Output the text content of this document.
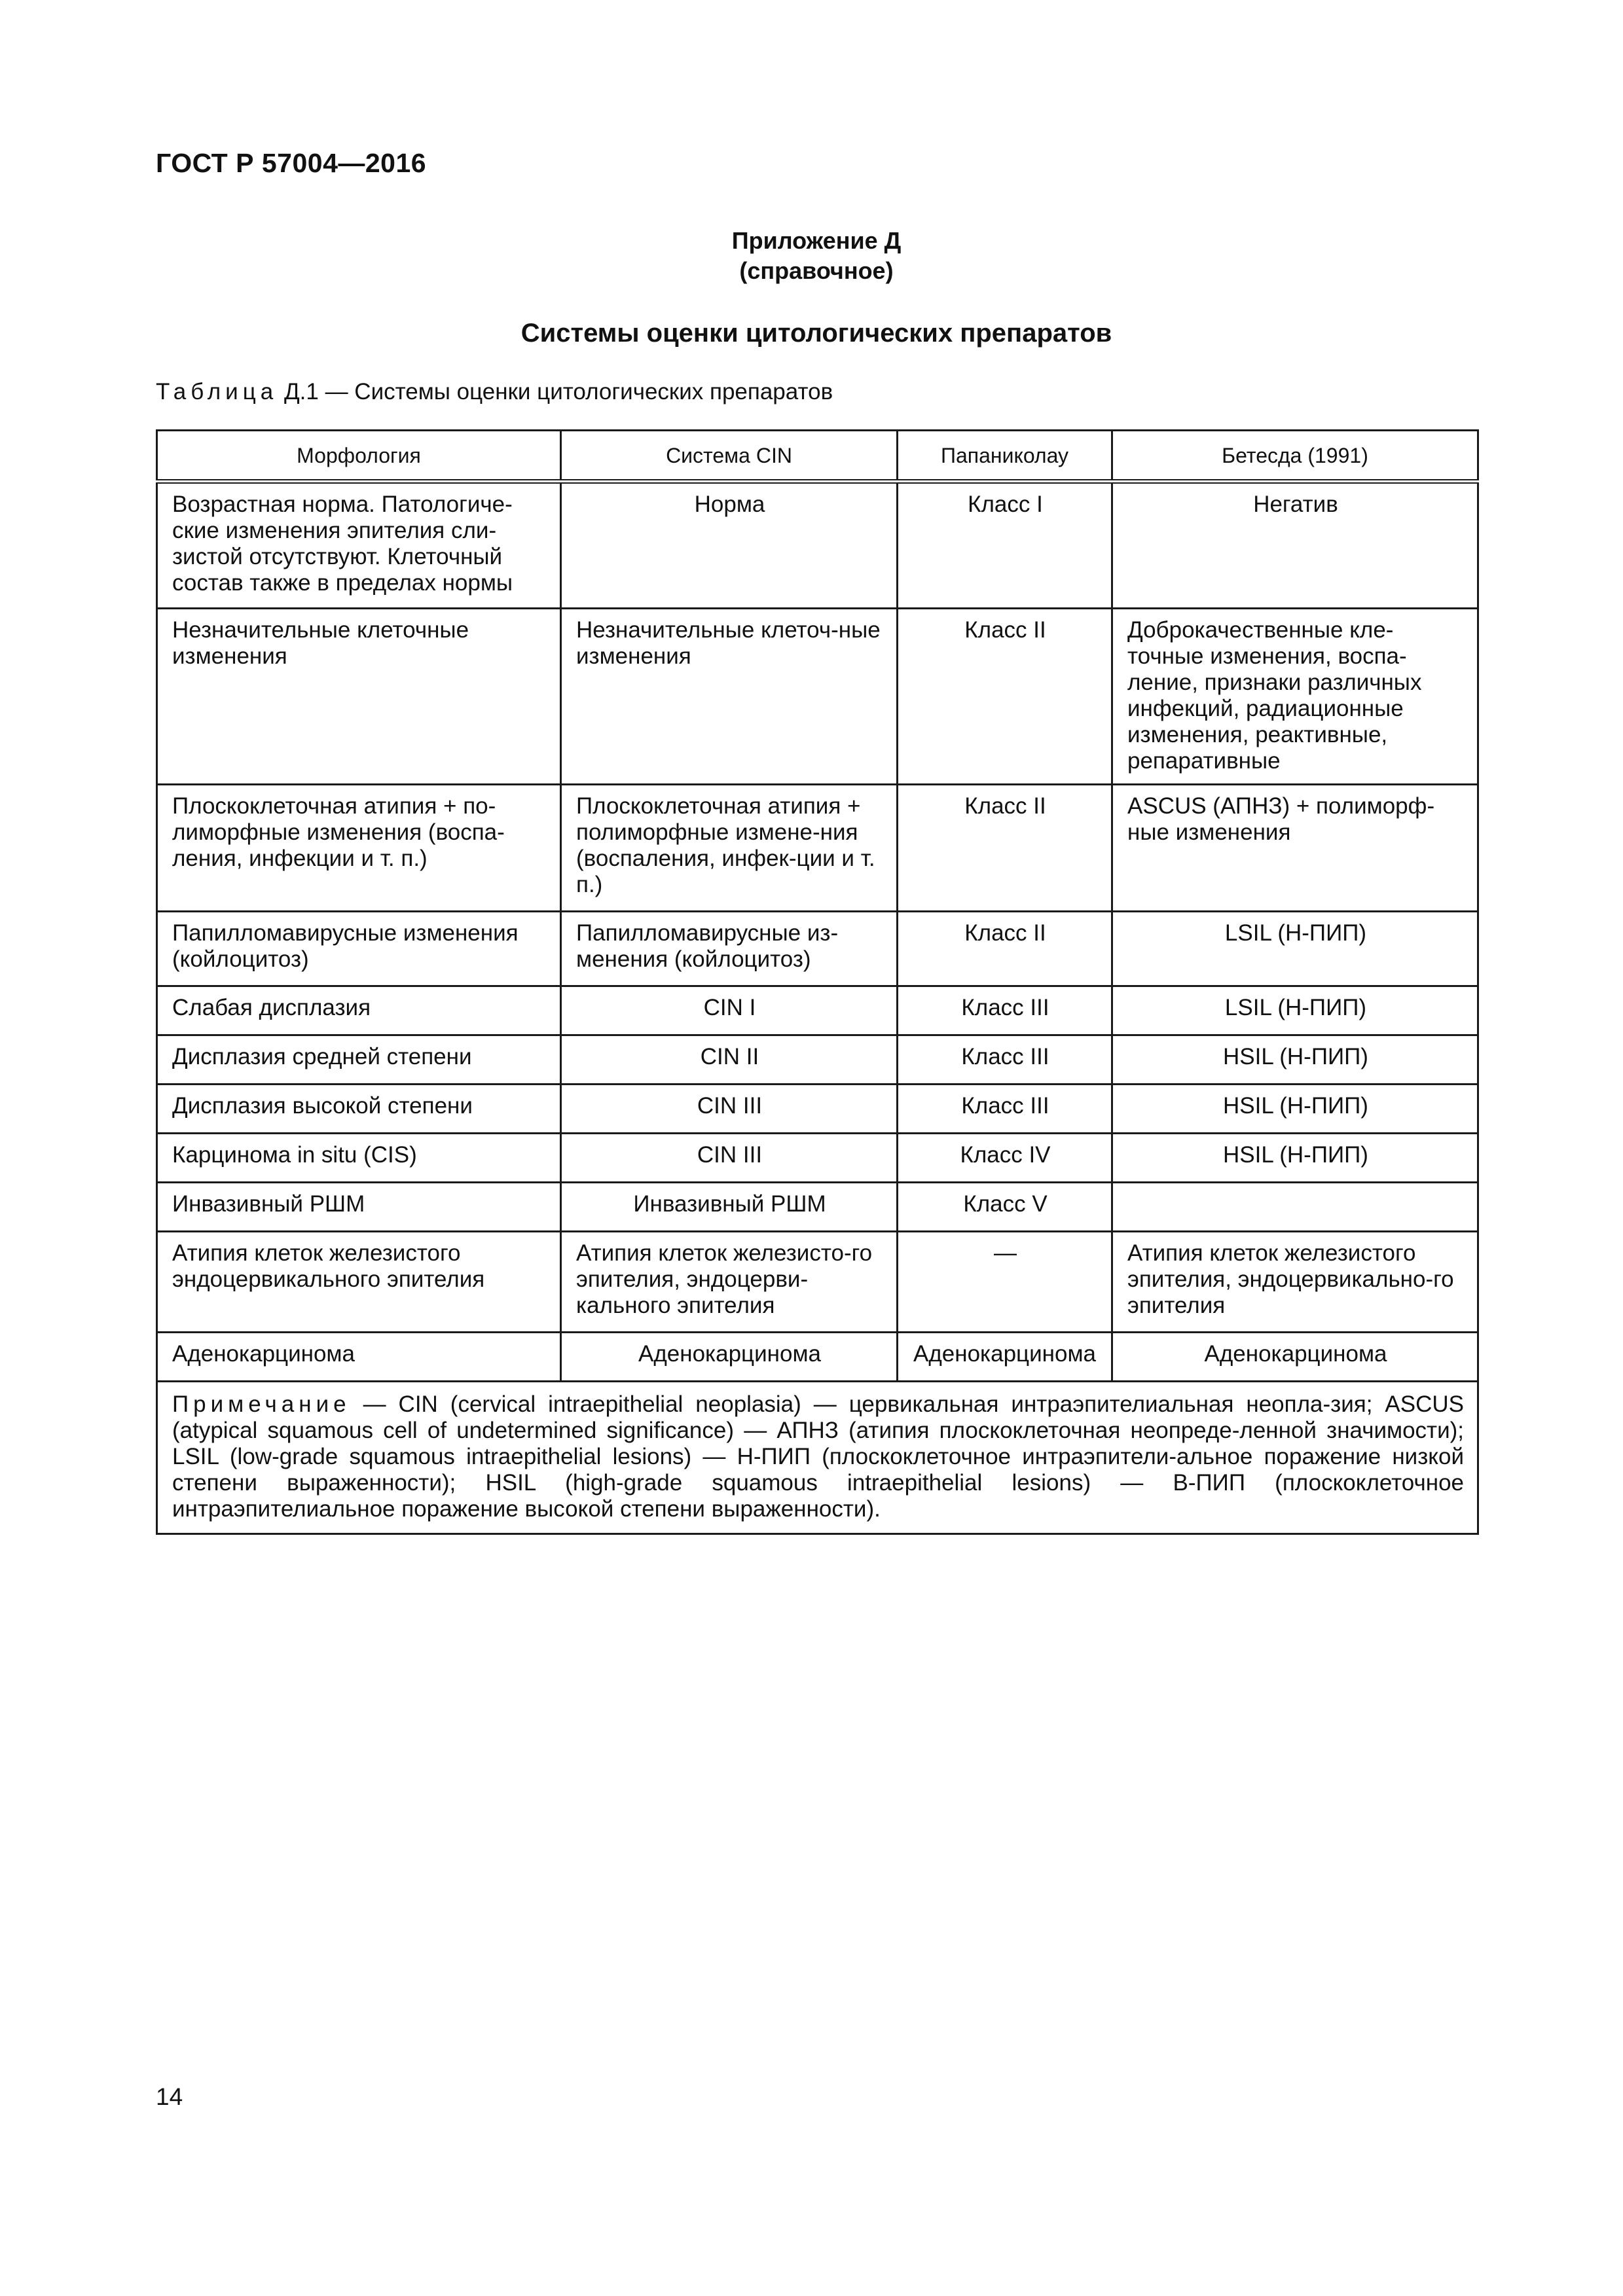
ГОСТ Р 57004—2016
Приложение Д
(справочное)
Системы оценки цитологических препаратов
Таблица Д.1 — Системы оценки цитологических препаратов
Морфология	Система CIN	Папаниколау	Бетесда (1991)
Возрастная норма. Патологиче-ские изменения эпителия сли-зистой отсутствуют. Клеточный состав также в пределах нормы	Норма	Класс I	Негатив
Незначительные клеточные изменения	Незначительные клеточ-ные изменения	Класс II	Доброкачественные кле-точные изменения, воспа-ление, признаки различных инфекций, радиационные изменения, реактивные, репаративные
Плоскоклеточная атипия + по-лиморфные изменения (воспа-ления, инфекции и т. п.)	Плоскоклеточная атипия + полиморфные измене-ния (воспаления, инфек-ции и т. п.)	Класс II	ASCUS (АПНЗ) + полиморф-ные изменения
Папилломавирусные изменения (койлоцитоз)	Папилломавирусные из-менения (койлоцитоз)	Класс II	LSIL (Н-ПИП)
Слабая дисплазия	CIN I	Класс III	LSIL (Н-ПИП)
Дисплазия средней степени	CIN II	Класс III	HSIL (Н-ПИП)
Дисплазия высокой степени	CIN III	Класс III	HSIL (Н-ПИП)
Карцинома in situ (CIS)	CIN III	Класс IV	HSIL (Н-ПИП)
Инвазивный РШМ	Инвазивный РШМ	Класс V	
Атипия клеток железистого эндоцервикального эпителия	Атипия клеток железисто-го эпителия, эндоцерви-кального эпителия	—	Атипия клеток железистого эпителия, эндоцервикально-го эпителия
Аденокарцинома	Аденокарцинома	Аденокарцинома	Аденокарцинома
Примечание — CIN (cervical intraepithelial neoplasia) — цервикальная интраэпителиальная неопла-зия; ASCUS (atypical squamous cell of undetermined significance) — АПНЗ (атипия плоскоклеточная неопреде-ленной значимости); LSIL (low-grade squamous intraepithelial lesions) — Н-ПИП (плоскоклеточное интраэпители-альное поражение низкой степени выраженности); HSIL (high-grade squamous intraepithelial lesions) — В-ПИП (плоскоклеточное интраэпителиальное поражение высокой степени выраженности).			
14
